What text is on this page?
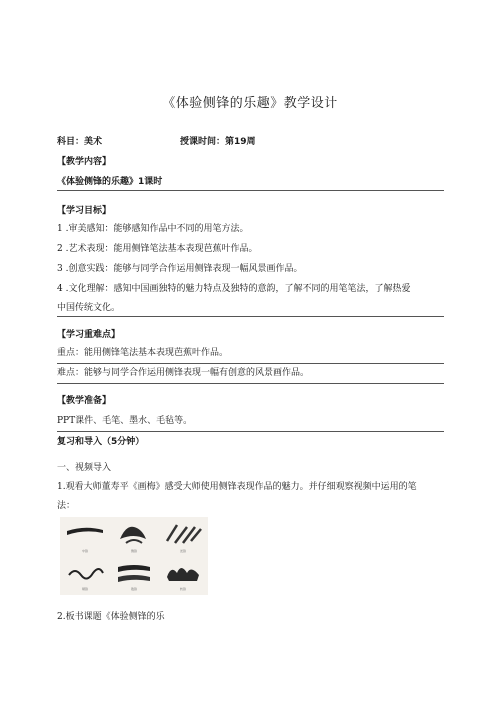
《体验侧锋的乐趣》教学设计
科目：美术	授课时间：第19周
【教学内容】
《体验侧锋的乐趣》1课时
【学习目标】
1 .审美感知：能够感知作品中不同的用笔方法。
2 .艺术表现：能用侧锋笔法基本表现芭蕉叶作品。
3 .创意实践：能够与同学合作运用侧锋表现一幅风景画作品。
4 .文化理解：感知中国画独特的魅力特点及独特的意韵，了解不同的用笔笔法，了解热爱
中国传统文化。
【学习重难点】
重点：能用侧锋笔法基本表现芭蕉叶作品。
难点：能够与同学合作运用侧锋表现一幅有创意的风景画作品。
【教学准备】
PPT课件、毛笔、墨水、毛毡等。
复习和导入（5分钟）
一、视频导入
1.观看大师董寿平《画梅》感受大师使用侧锋表现作品的魅力。并仔细观察视频中运用的笔
法：
中锋	侧锋	逆锋
顺锋	散锋	转锋
2.板书课题《体验侧锋的乐
